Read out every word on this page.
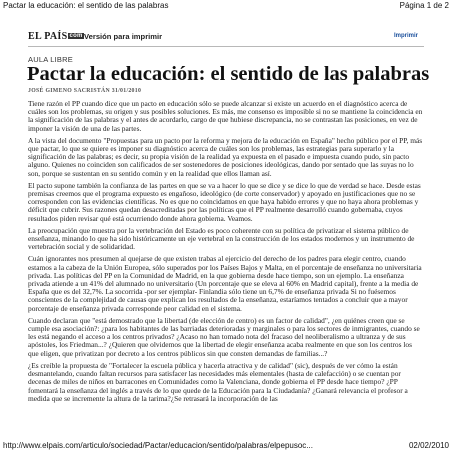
Pactar la educación: el sentido de las palabras	Página 1 de 2
EL PAÍS $^{com}$ Versión para imprimir	Imprimir
AULA LIBRE
Pactar la educación: el sentido de las palabras
JOSÉ GIMENO SACRISTÁN 31/01/2010

Tiene razón el PP cuando dice que un pacto en educación sólo se puede alcanzar si existe un acuerdo en el diagnóstico acerca de cuáles son los problemas, su origen y sus posibles soluciones. Es más, me consenso es imposible si no se mantiene la coincidencia en la significación de las palabras y el antes de acordarlo, cargo de que hubiese discrepancia, no se contrastan las posiciones, en vez de imponer la visión de una de las partes.

A la vista del documento "Propuestas para un pacto por la reforma y mejora de la educación en España" hecho público por el PP, más que pactar, lo que se quiere es imponer su diagnóstico acerca de cuáles son los problemas, las estrategias para superarlo y la significación de las palabras; es decir, su propia visión de la realidad ya expuesta en el pasado e impuesta cuando pudo, sin pacto alguno. Quienes no coinciden son calificados de ser sostenedores de posiciones ideológicas, dando por sentado que las suyas no lo son, porque se sustentan en su sentido común y en la realidad que ellos llaman así.

El pacto supone también la confianza de las partes en que se va a hacer lo que se dice y se dice lo que de verdad se hace. Desde estas premisas creemos que el programa expuesto es engañoso, ideológico (de corte conservador) y apoyado en justificaciones que no se corresponden con las evidencias científicas. No es que no coincidamos en que haya habido errores y que no haya ahora problemas y déficit que cubrir. Sus razones quedan desacreditadas por las políticas que el PP realmente desarrolló cuando gobernaba, cuyos resultados piden revisar qué está ocurriendo donde ahora gobierna. Veamos.

La preocupación que muestra por la vertebración del Estado es poco coherente con su política de privatizar el sistema público de enseñanza, minando lo que ha sido históricamente un eje vertebral en la construcción de los estados modernos y un instrumento de vertebración social y de solidaridad.

Cuán ignorantes nos presumen al quejarse de que existen trabas al ejercicio del derecho de los padres para elegir centro, cuando estamos a la cabeza de la Unión Europea, sólo superados por los Países Bajos y Malta, en el porcentaje de enseñanza no universitaria privada. Las políticas del PP en la Comunidad de Madrid, en la que gobierna desde hace tiempo, son un ejemplo. La enseñanza privada atiende a un 41% del alumnado no universitario (Un porcentaje que se eleva al 60% en Madrid capital), frente a la media de España que es del 32,7%. La socorrida -por ser ejemplar- Finlandia sólo tiene un 6,7% de enseñanza privada Si no fuésemos conscientes de la complejidad de causas que explican los resultados de la enseñanza, estaríamos tentados a concluir que a mayor porcentaje de enseñanza privada corresponde peor calidad en el sistema.

Cuando declaran que "está demostrado que la libertad (de elección de centro) es un factor de calidad", ¿en quiénes creen que se cumple esa asociación?: ¿para los habitantes de las barriadas deterioradas y marginales o para los sectores de inmigrantes, cuando se les está negando el acceso a los centros privados? ¿Acaso no han tomado nota del fracaso del neoliberalismo a ultranza y de sus apóstoles, los Friedman...? ¿Quieren que olvidemos que la libertad de elegir enseñanza acaba realmente en que son los centros los que eligen, que privatizan por decreto a los centros públicos sin que consten demandas de familias...?

¿Es creíble la propuesta de "Fortalecer la escuela pública y hacerla atractiva y de calidad" (sic), después de ver cómo la están desmantelando, cuando faltan recursos para satisfacer las necesidades más elementales (hasta de calefacción) o se cuentan por decenas de miles de niños en barracones en Comunidades como la Valenciana, donde gobierna el PP desde hace tiempo? ¿PP fomentará la enseñanza del inglés a través de lo que quede de la Educación para la Ciudadanía? ¿Ganará relevancia el profesor a medida que se incremente la altura de la tarima?¿Se retrasará la incorporación de las

http://www.elpais.com/articulo/sociedad/Pactar/educacion/sentido/palabras/elpepusoc...	02/02/2010
